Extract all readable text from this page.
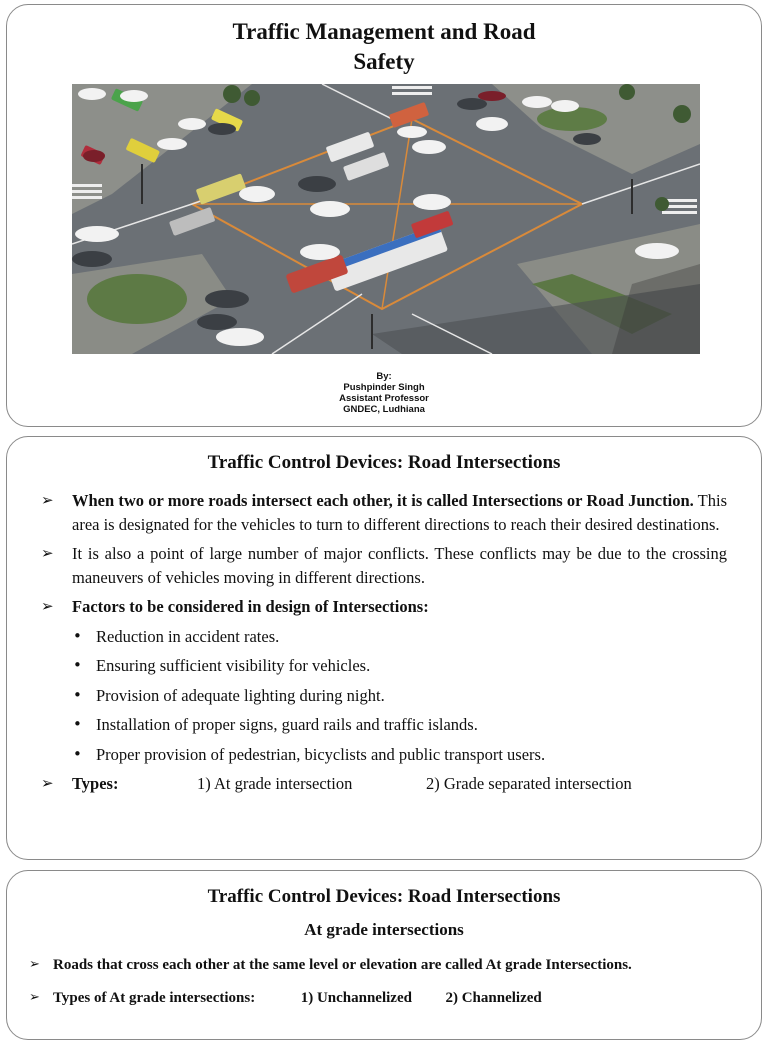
Traffic Management and Road
Safety
By:
Pushpinder Singh
Assistant Professor
GNDEC, Ludhiana
Traffic Control Devices: Road Intersections
➢ When two or more roads intersect each other, it is called Intersections or Road Junction. This area is designated for the vehicles to turn to different directions to reach their desired destinations.
➢ It is also a point of large number of major conflicts. These conflicts may be due to the crossing maneuvers of vehicles moving in different directions.
➢ Factors to be considered in design of Intersections:
• Reduction in accident rates.
• Ensuring sufficient visibility for vehicles.
• Provision of adequate lighting during night.
• Installation of proper signs, guard rails and traffic islands.
• Proper provision of pedestrian, bicyclists and public transport users.
➢ Types:	1) At grade intersection	2) Grade separated intersection
Traffic Control Devices: Road Intersections
At grade intersections
➢ Roads that cross each other at the same level or elevation are called At grade Intersections.
➢ Types of At grade intersections:	1) Unchannelized 2) Channelized
